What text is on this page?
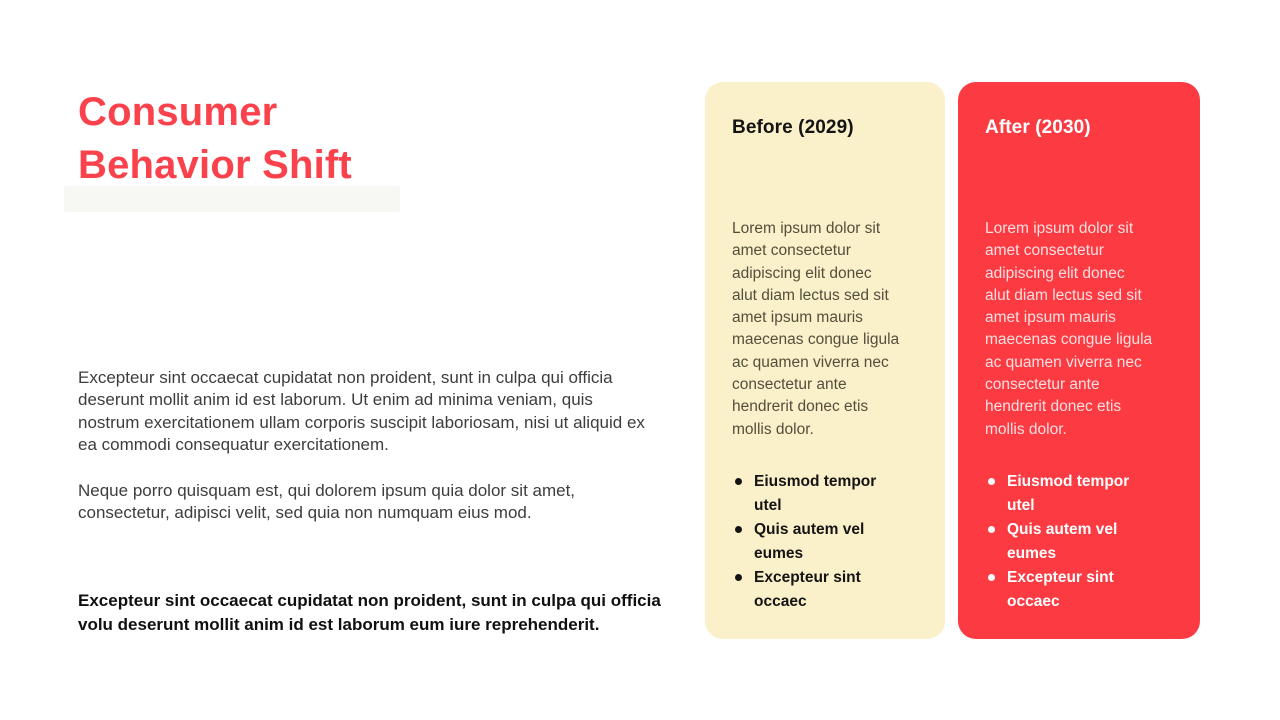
Consumer
Behavior Shift

Excepteur sint occaecat cupidatat non proident, sunt in culpa qui officia
deserunt mollit anim id est laborum. Ut enim ad minima veniam, quis
nostrum exercitationem ullam corporis suscipit laboriosam, nisi ut aliquid ex
ea commodi consequatur exercitationem.

Neque porro quisquam est, qui dolorem ipsum quia dolor sit amet,
consectetur, adipisci velit, sed quia non numquam eius mod.

Excepteur sint occaecat cupidatat non proident, sunt in culpa qui officia
volu deserunt mollit anim id est laborum eum iure reprehenderit.

Before (2029)
Lorem ipsum dolor sit
amet consectetur
adipiscing elit donec
alut diam lectus sed sit
amet ipsum mauris
maecenas congue ligula
ac quamen viverra nec
consectetur ante
hendrerit donec etis
mollis dolor.
Eiusmod tempor utel
Quis autem vel eumes
Excepteur sint occaec
After (2030)
Lorem ipsum dolor sit
amet consectetur
adipiscing elit donec
alut diam lectus sed sit
amet ipsum mauris
maecenas congue ligula
ac quamen viverra nec
consectetur ante
hendrerit donec etis
mollis dolor.
Eiusmod tempor utel
Quis autem vel eumes
Excepteur sint occaec
